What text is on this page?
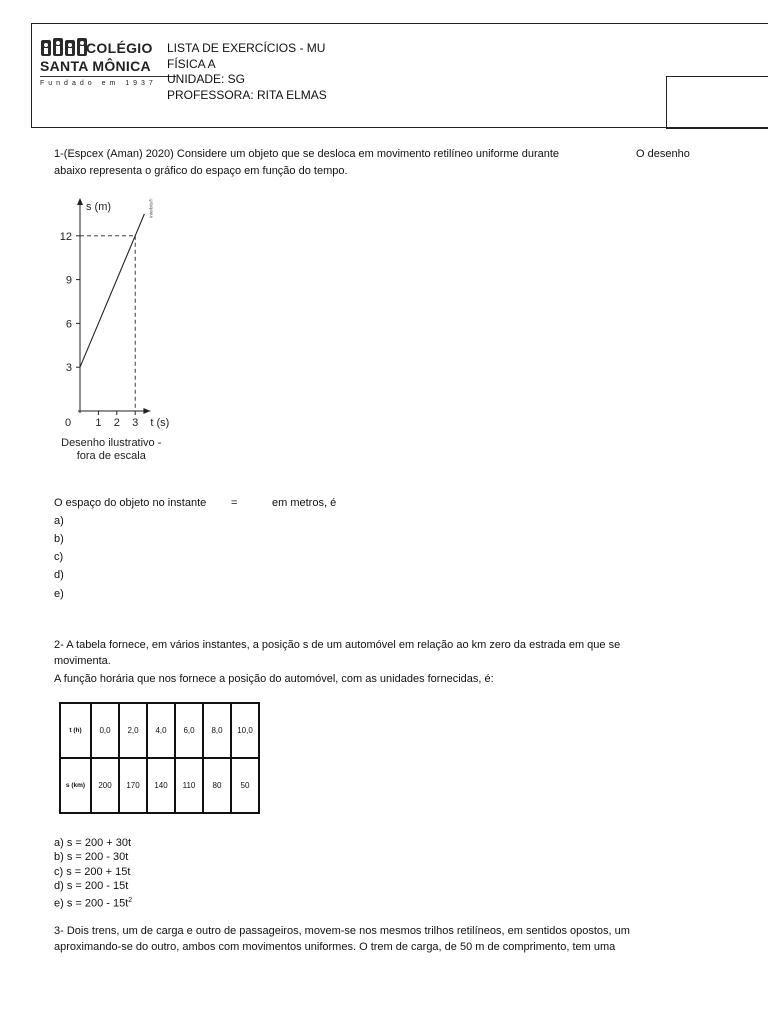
COLÉGIO
SANTA MÔNICA
Fundado em 1937
LISTA DE EXERCÍCIOS - MU
FÍSICA A
UNIDADE: SG
PROFESSORA: RITA ELMAS
1-(Espcex (Aman) 2020) Considere um objeto que se desloca em movimento retilíneo uniforme durante	O desenho
abaixo representa o gráfico do espaço em função do tempo.
s (m)
t (s)
3
6
9
12
0 1 2 3
Interbits®
Desenho ilustrativo -
fora de escala
O espaço do objeto no instante =	em metros, é
a)
b)
c)
d)
e)
2- A tabela fornece, em vários instantes, a posição s de um automóvel em relação ao km zero da estrada em que se
movimenta.
A função horária que nos fornece a posição do automóvel, com as unidades fornecidas, é:
t (h)	0,0	2,0	4,0	6,0	8,0	10,0
s (km)	200	170	140	110	80	50
a) s = 200 + 30t
b) s = 200 - 30t
c) s = 200 + 15t
d) s = 200 - 15t
e) $s = 200 - 15t^2$
3- Dois trens, um de carga e outro de passageiros, movem-se nos mesmos trilhos retilíneos, em sentidos opostos, um
aproximando-se do outro, ambos com movimentos uniformes. O trem de carga, de 50 m de comprimento, tem uma
